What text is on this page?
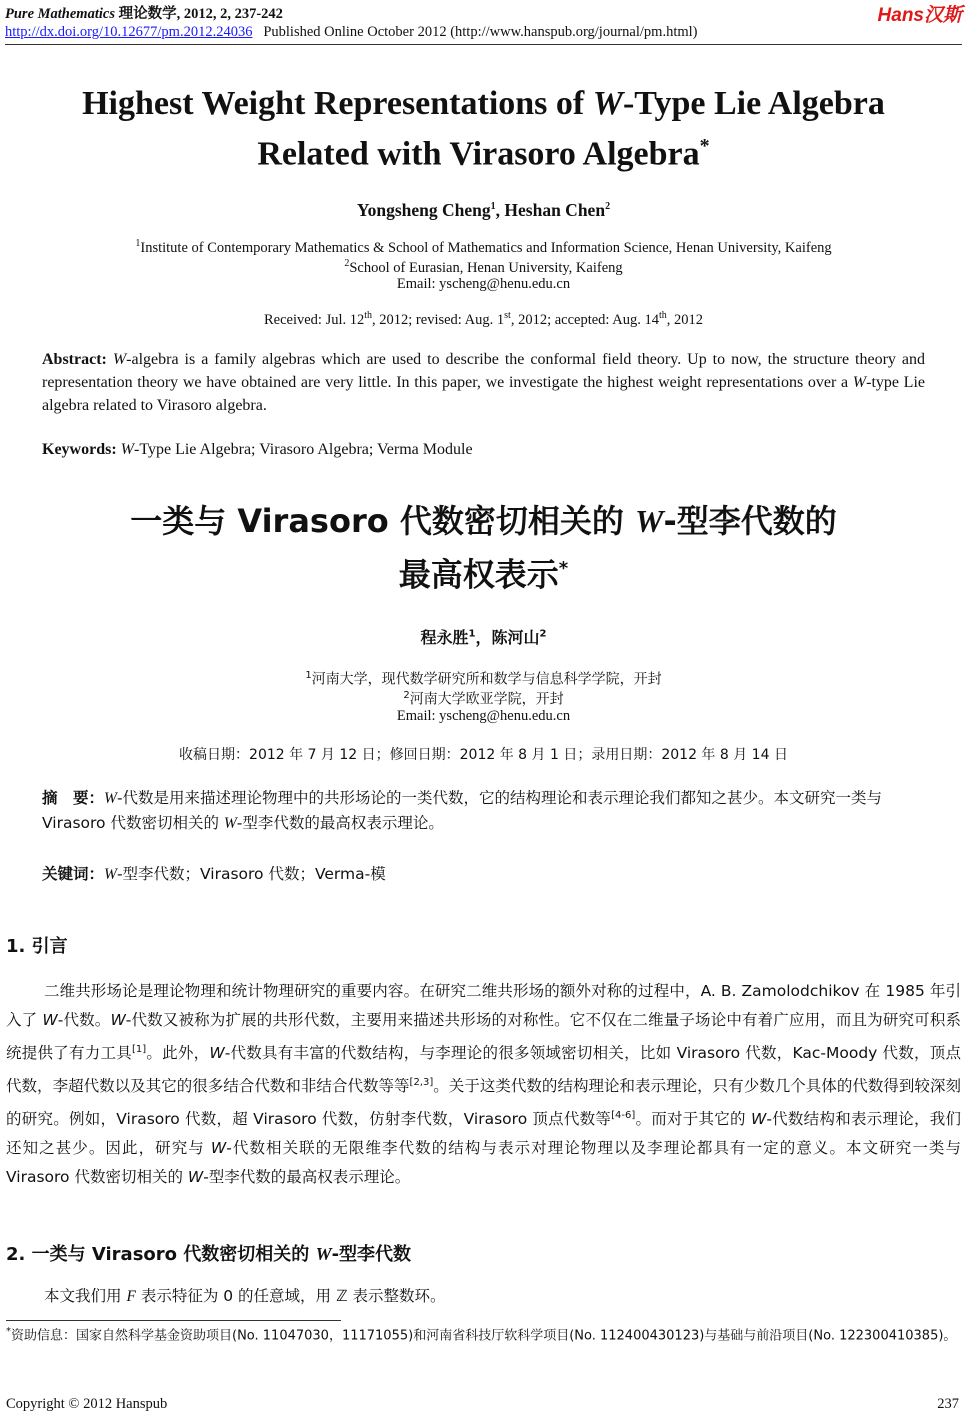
Pure Mathematics 理论数学, 2012, 2, 237-242
http://dx.doi.org/10.12677/pm.2012.24036 Published Online October 2012 (http://www.hanspub.org/journal/pm.html)
Hans汉斯
Highest Weight Representations of W-Type Lie Algebra
Related with Virasoro Algebra*
Yongsheng Cheng$^1$, Heshan Chen$^2$
$^1$Institute of Contemporary Mathematics & School of Mathematics and Information Science, Henan University, Kaifeng
$^2$School of Eurasian, Henan University, Kaifeng
Email: yscheng@henu.edu.cn
Received: Jul. 12th, 2012; revised: Aug. 1st, 2012; accepted: Aug. 14th, 2012
Abstract: W-algebra is a family algebras which are used to describe the conformal field theory. Up to now, the structure theory and representation theory we have obtained are very little. In this paper, we investigate the highest weight representations over a W-type Lie algebra related to Virasoro algebra.
Keywords: W-Type Lie Algebra; Virasoro Algebra; Verma Module
一类与 Virasoro 代数密切相关的 W-型李代数的
最高权表示*
程永胜$^1$，陈河山$^2$
$^1$河南大学，现代数学研究所和数学与信息科学学院，开封
$^2$河南大学欧亚学院，开封
Email: yscheng@henu.edu.cn
收稿日期：2012 年 7 月 12 日；修回日期：2012 年 8 月 1 日；录用日期：2012 年 8 月 14 日
摘　要：W-代数是用来描述理论物理中的共形场论的一类代数，它的结构理论和表示理论我们都知之甚少。本文研究一类与 Virasoro 代数密切相关的 W-型李代数的最高权表示理论。
关键词：W-型李代数；Virasoro 代数；Verma-模
1. 引言
二维共形场论是理论物理和统计物理研究的重要内容。在研究二维共形场的额外对称的过程中，A. B. Zamolodchikov 在 1985 年引入了 W-代数。W-代数又被称为扩展的共形代数，主要用来描述共形场的对称性。它不仅在二维量子场论中有着广应用，而且为研究可积系统提供了有力工具[1]。此外，W-代数具有丰富的代数结构，与李理论的很多领域密切相关，比如 Virasoro 代数，Kac-Moody 代数，顶点代数，李超代数以及其它的很多结合代数和非结合代数等等[2,3]。关于这类代数的结构理论和表示理论，只有少数几个具体的代数得到较深刻的研究。例如，Virasoro 代数，超 Virasoro 代数，仿射李代数，Virasoro 顶点代数等[4-6]。而对于其它的 W-代数结构和表示理论，我们还知之甚少。因此，研究与 W-代数相关联的无限维李代数的结构与表示对理论物理以及李理论都具有一定的意义。本文研究一类与 Virasoro 代数密切相关的 W-型李代数的最高权表示理论。
2. 一类与 Virasoro 代数密切相关的 W-型李代数
本文我们用 F 表示特征为 0 的任意域，用 ℤ 表示整数环。
*资助信息：国家自然科学基金资助项目(No. 11047030，11171055)和河南省科技厅软科学项目(No. 112400430123)与基础与前沿项目(No. 122300410385)。
Copyright © 2012 Hanspub	237
